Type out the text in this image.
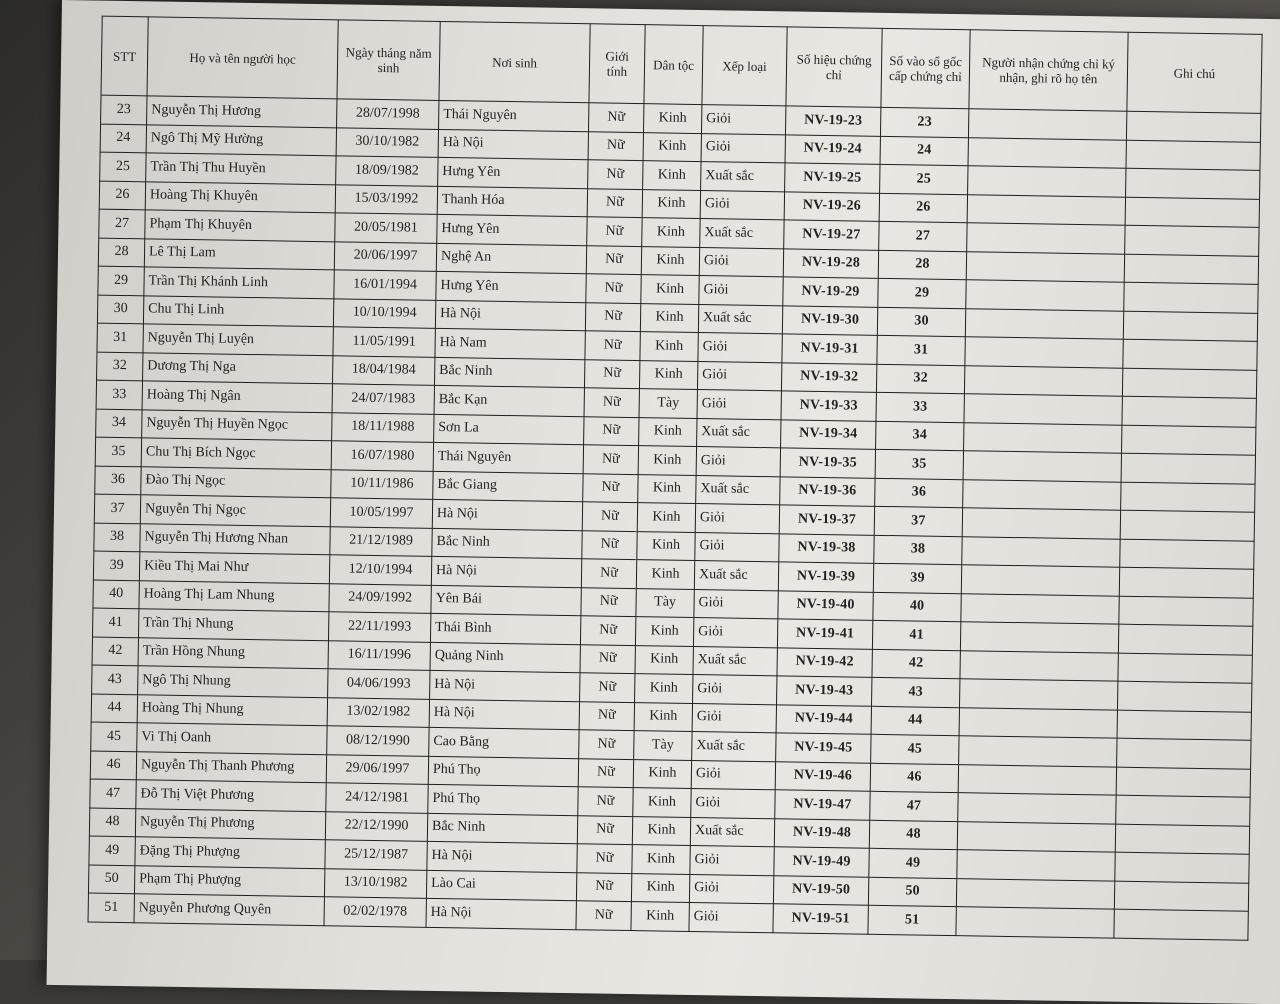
STT	Họ và tên người học	Ngày tháng năm sinh	Nơi sinh	Giới tính	Dân tộc	Xếp loại	Số hiệu chứng chỉ	Số vào sổ gốc cấp chứng chỉ	Người nhận chứng chỉ ký nhận, ghi rõ họ tên	Ghi chú
23	Nguyễn Thị Hương	28/07/1998	Thái Nguyên	Nữ	Kinh	Giỏi	NV-19-23	23		
24	Ngô Thị Mỹ Hường	30/10/1982	Hà Nội	Nữ	Kinh	Giỏi	NV-19-24	24		
25	Trần Thị Thu Huyền	18/09/1982	Hưng Yên	Nữ	Kinh	Xuất sắc	NV-19-25	25		
26	Hoàng Thị Khuyên	15/03/1992	Thanh Hóa	Nữ	Kinh	Giỏi	NV-19-26	26		
27	Phạm Thị Khuyên	20/05/1981	Hưng Yên	Nữ	Kinh	Xuất sắc	NV-19-27	27		
28	Lê Thị Lam	20/06/1997	Nghệ An	Nữ	Kinh	Giỏi	NV-19-28	28		
29	Trần Thị Khánh Linh	16/01/1994	Hưng Yên	Nữ	Kinh	Giỏi	NV-19-29	29		
30	Chu Thị Linh	10/10/1994	Hà Nội	Nữ	Kinh	Xuất sắc	NV-19-30	30		
31	Nguyễn Thị Luyện	11/05/1991	Hà Nam	Nữ	Kinh	Giỏi	NV-19-31	31		
32	Dương Thị Nga	18/04/1984	Bắc Ninh	Nữ	Kinh	Giỏi	NV-19-32	32		
33	Hoàng Thị Ngân	24/07/1983	Bắc Kạn	Nữ	Tày	Giỏi	NV-19-33	33		
34	Nguyễn Thị Huyền Ngọc	18/11/1988	Sơn La	Nữ	Kinh	Xuất sắc	NV-19-34	34		
35	Chu Thị Bích Ngọc	16/07/1980	Thái Nguyên	Nữ	Kinh	Giỏi	NV-19-35	35		
36	Đào Thị Ngọc	10/11/1986	Bắc Giang	Nữ	Kinh	Xuất sắc	NV-19-36	36		
37	Nguyễn Thị Ngọc	10/05/1997	Hà Nội	Nữ	Kinh	Giỏi	NV-19-37	37		
38	Nguyễn Thị Hương Nhan	21/12/1989	Bắc Ninh	Nữ	Kinh	Giỏi	NV-19-38	38		
39	Kiều Thị Mai Như	12/10/1994	Hà Nội	Nữ	Kinh	Xuất sắc	NV-19-39	39		
40	Hoàng Thị Lam Nhung	24/09/1992	Yên Bái	Nữ	Tày	Giỏi	NV-19-40	40		
41	Trần Thị Nhung	22/11/1993	Thái Bình	Nữ	Kinh	Giỏi	NV-19-41	41		
42	Trần Hồng Nhung	16/11/1996	Quảng Ninh	Nữ	Kinh	Xuất sắc	NV-19-42	42		
43	Ngô Thị Nhung	04/06/1993	Hà Nội	Nữ	Kinh	Giỏi	NV-19-43	43		
44	Hoàng Thị Nhung	13/02/1982	Hà Nội	Nữ	Kinh	Giỏi	NV-19-44	44		
45	Vi Thị Oanh	08/12/1990	Cao Bằng	Nữ	Tày	Xuất sắc	NV-19-45	45		
46	Nguyễn Thị Thanh Phương	29/06/1997	Phú Thọ	Nữ	Kinh	Giỏi	NV-19-46	46		
47	Đỗ Thị Việt Phương	24/12/1981	Phú Thọ	Nữ	Kinh	Giỏi	NV-19-47	47		
48	Nguyễn Thị Phương	22/12/1990	Bắc Ninh	Nữ	Kinh	Xuất sắc	NV-19-48	48		
49	Đặng Thị Phượng	25/12/1987	Hà Nội	Nữ	Kinh	Giỏi	NV-19-49	49		
50	Phạm Thị Phượng	13/10/1982	Lào Cai	Nữ	Kinh	Giỏi	NV-19-50	50		
51	Nguyễn Phương Quyên	02/02/1978	Hà Nội	Nữ	Kinh	Giỏi	NV-19-51	51		
